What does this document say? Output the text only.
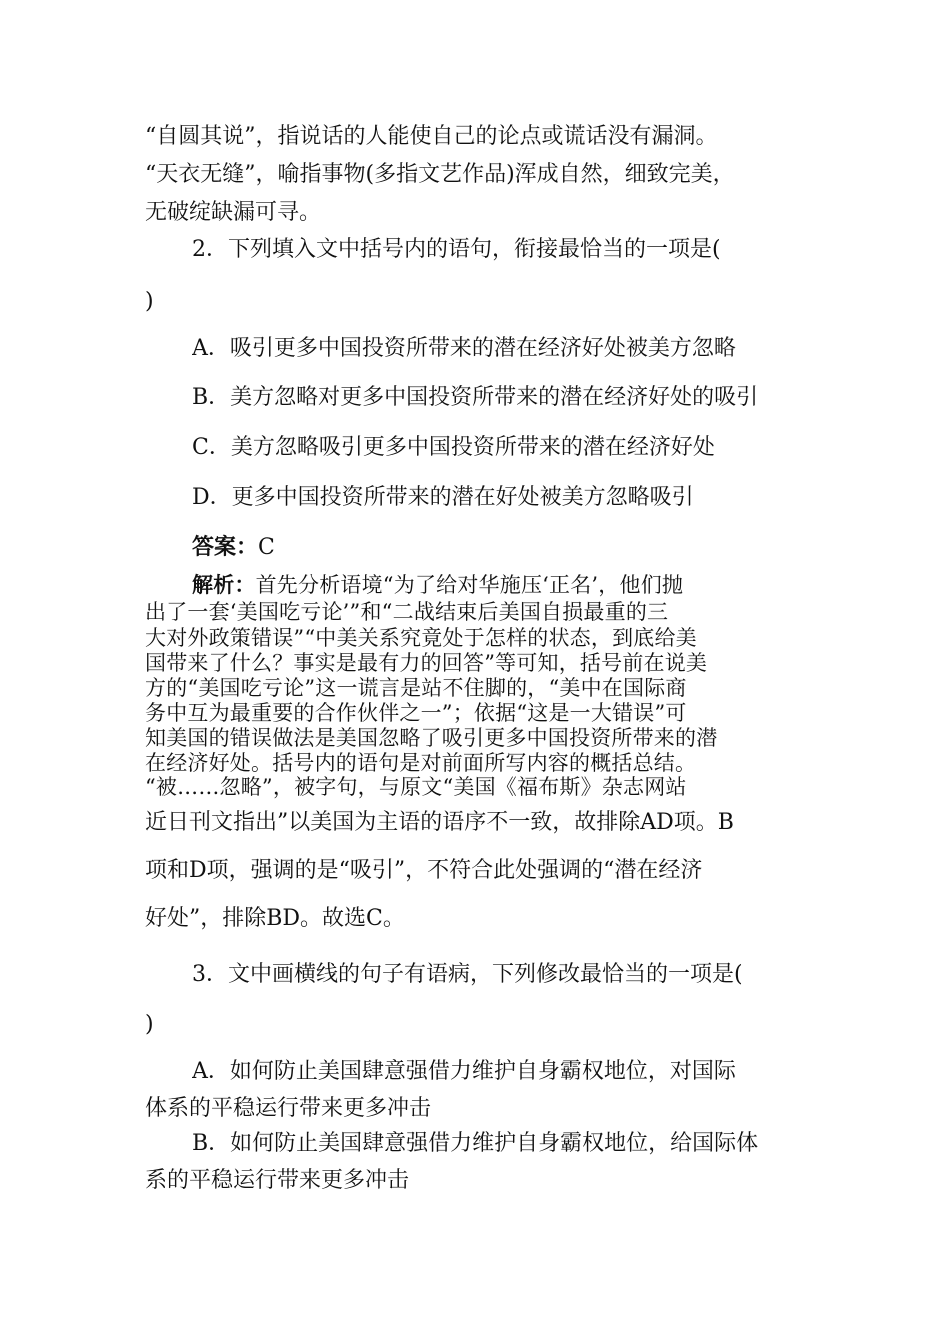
“自圆其说”，指说话的人能使自己的论点或谎话没有漏洞。
“天衣无缝”，喻指事物(多指文艺作品)浑成自然，细致完美，
无破绽缺漏可寻。
2．下列填入文中括号内的语句，衔接最恰当的一项是(
)
A．吸引更多中国投资所带来的潜在经济好处被美方忽略
B．美方忽略对更多中国投资所带来的潜在经济好处的吸引
C．美方忽略吸引更多中国投资所带来的潜在经济好处
D．更多中国投资所带来的潜在好处被美方忽略吸引
答案：C
解析：首先分析语境“为了给对华施压‘正名’，他们抛
出了一套‘美国吃亏论’”和“二战结束后美国自损最重的三
大对外政策错误”“中美关系究竟处于怎样的状态，到底给美
国带来了什么？事实是最有力的回答”等可知，括号前在说美
方的“美国吃亏论”这一谎言是站不住脚的，“美中在国际商
务中互为最重要的合作伙伴之一”；依据“这是一大错误”可
知美国的错误做法是美国忽略了吸引更多中国投资所带来的潜
在经济好处。括号内的语句是对前面所写内容的概括总结。
“被……忽略”，被字句，与原文“美国《福布斯》杂志网站
近日刊文指出”以美国为主语的语序不一致，故排除AD项。B
项和D项，强调的是“吸引”，不符合此处强调的“潜在经济
好处”，排除BD。故选C。
3．文中画横线的句子有语病，下列修改最恰当的一项是(
)
A．如何防止美国肆意强借力维护自身霸权地位，对国际
体系的平稳运行带来更多冲击
B．如何防止美国肆意强借力维护自身霸权地位，给国际体
系的平稳运行带来更多冲击
